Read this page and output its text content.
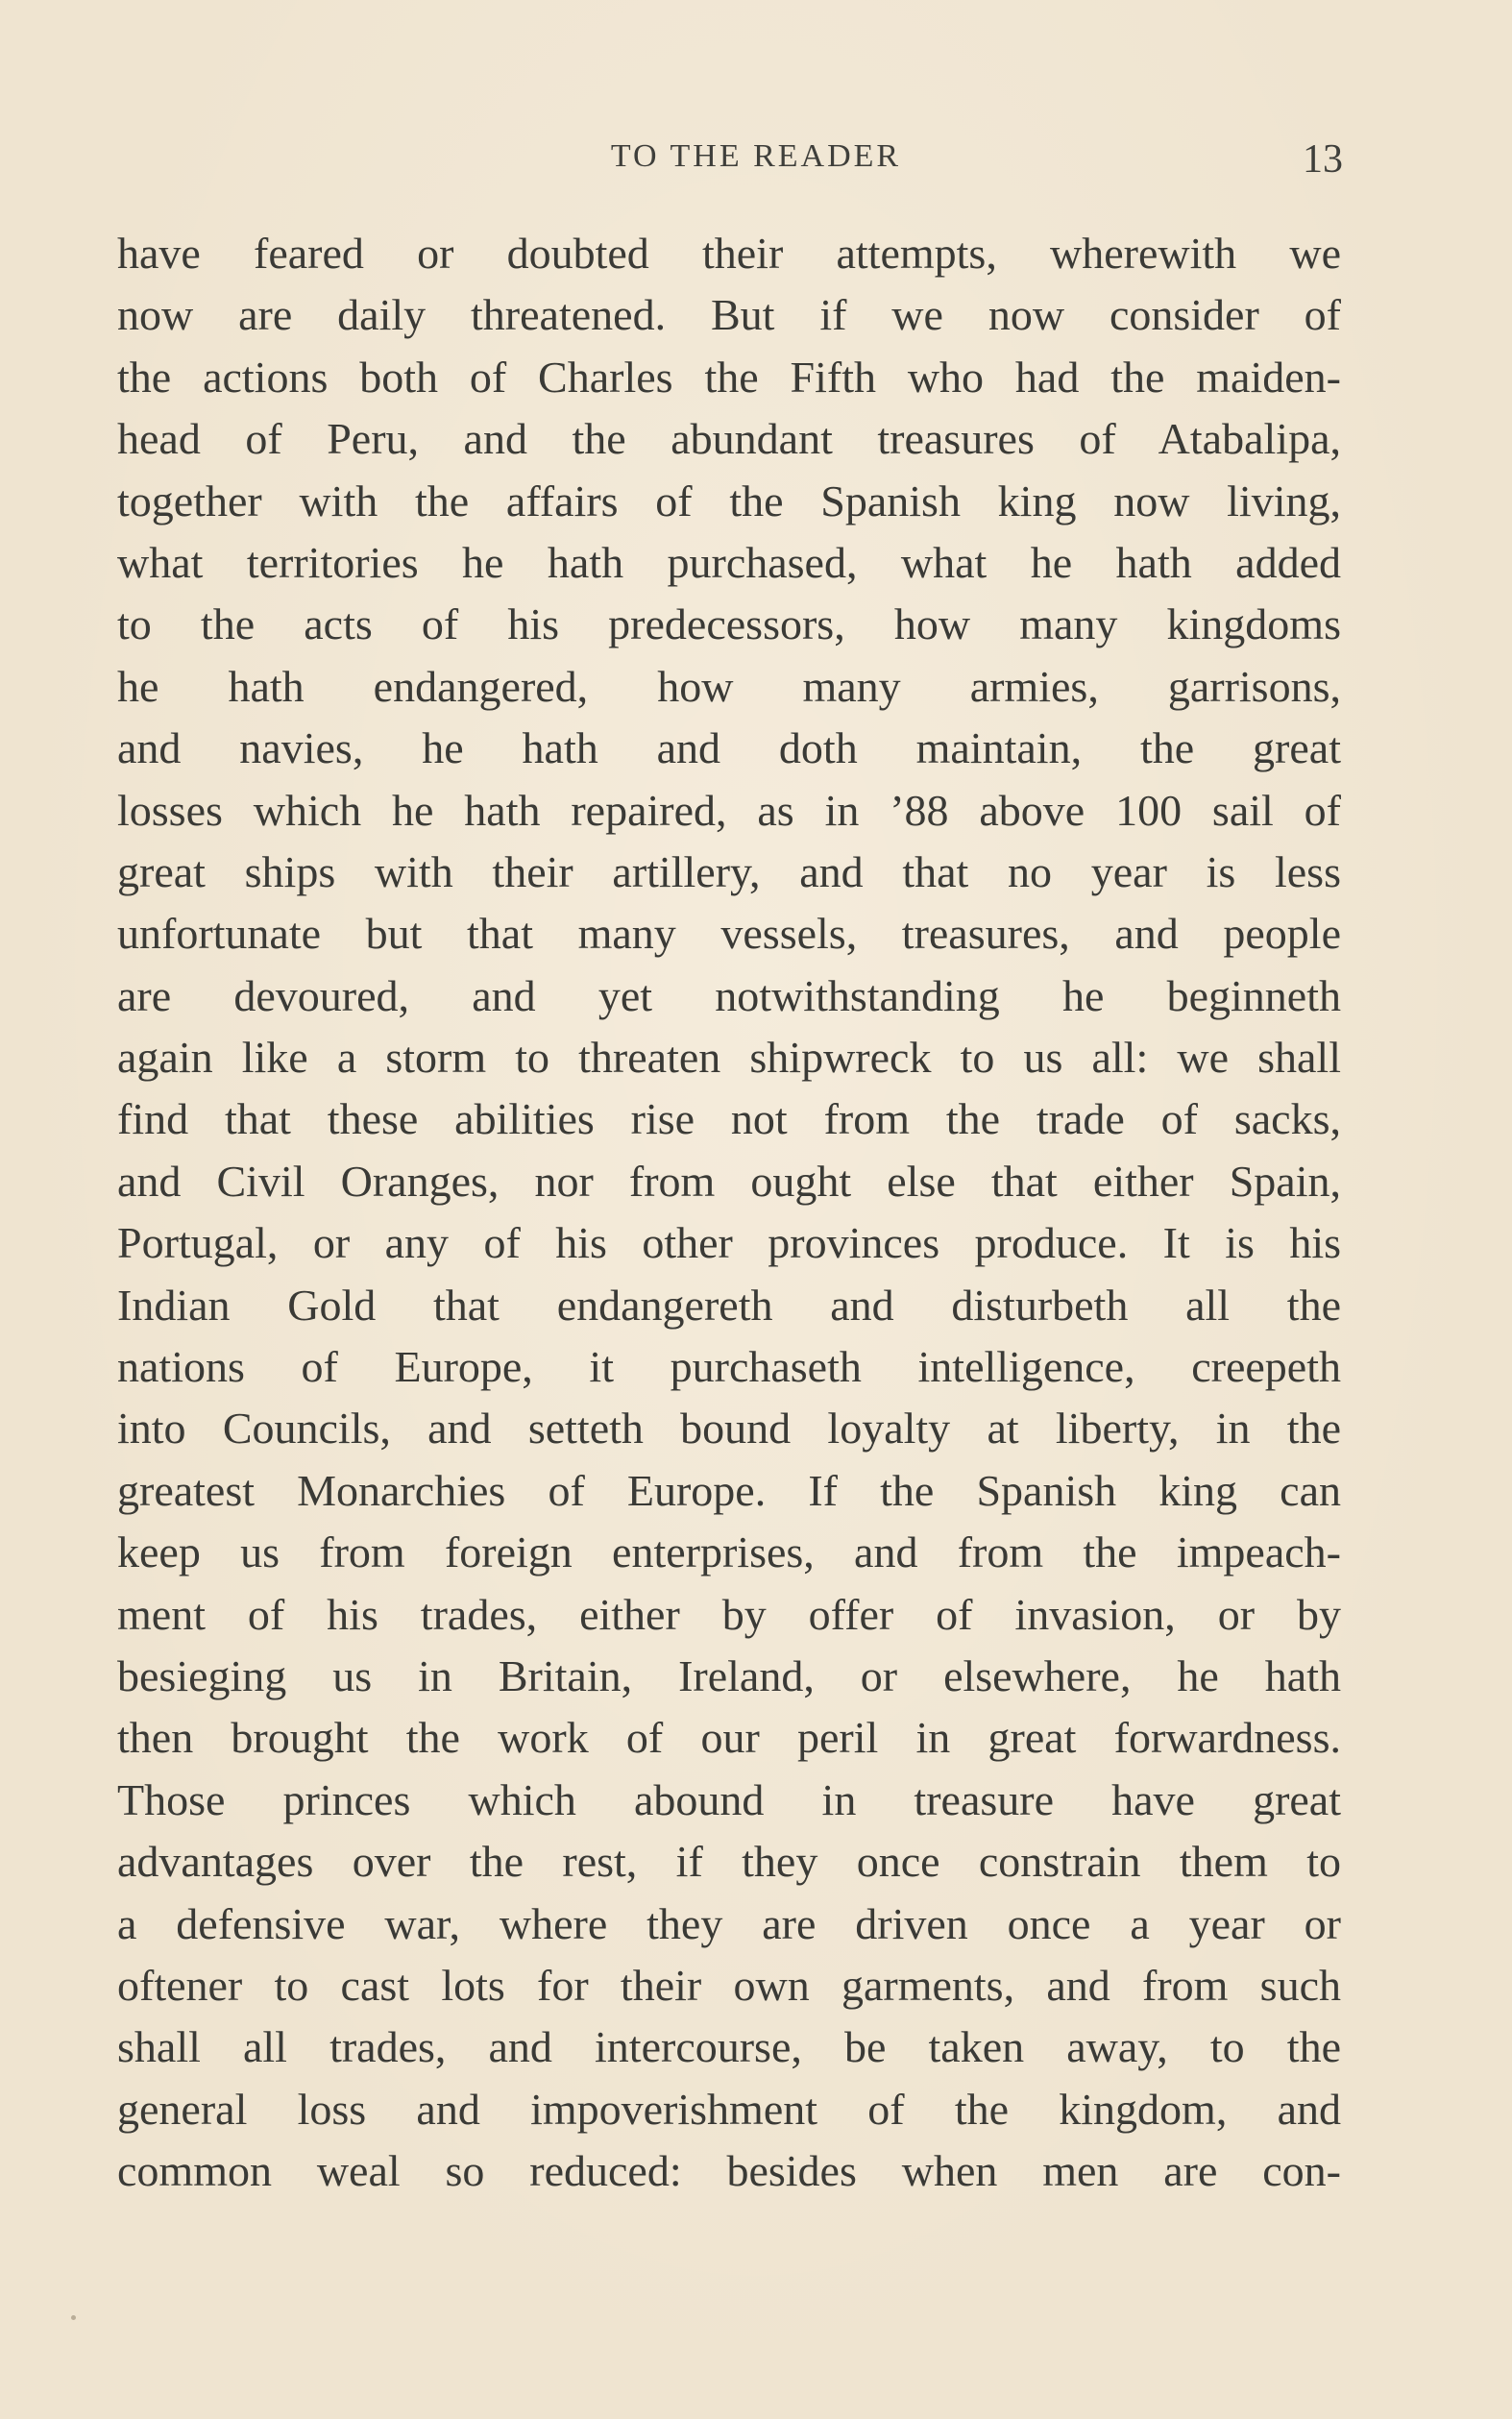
TO THE READER	13
have feared or doubted their attempts, wherewith we
now are daily threatened. But if we now consider of
the actions both of Charles the Fifth who had the maiden-
head of Peru, and the abundant treasures of Atabalipa,
together with the affairs of the Spanish king now living,
what territories he hath purchased, what he hath added
to the acts of his predecessors, how many kingdoms
he hath endangered, how many armies, garrisons,
and navies, he hath and doth maintain, the great
losses which he hath repaired, as in ’88 above 100 sail of
great ships with their artillery, and that no year is less
unfortunate but that many vessels, treasures, and people
are devoured, and yet notwithstanding he beginneth
again like a storm to threaten shipwreck to us all: we shall
find that these abilities rise not from the trade of sacks,
and Civil Oranges, nor from ought else that either Spain,
Portugal, or any of his other provinces produce. It is his
Indian Gold that endangereth and disturbeth all the
nations of Europe, it purchaseth intelligence, creepeth
into Councils, and setteth bound loyalty at liberty, in the
greatest Monarchies of Europe. If the Spanish king can
keep us from foreign enterprises, and from the impeach-
ment of his trades, either by offer of invasion, or by
besieging us in Britain, Ireland, or elsewhere, he hath
then brought the work of our peril in great forwardness.
Those princes which abound in treasure have great
advantages over the rest, if they once constrain them to
a defensive war, where they are driven once a year or
oftener to cast lots for their own garments, and from such
shall all trades, and intercourse, be taken away, to the
general loss and impoverishment of the kingdom, and
common weal so reduced: besides when men are con-
